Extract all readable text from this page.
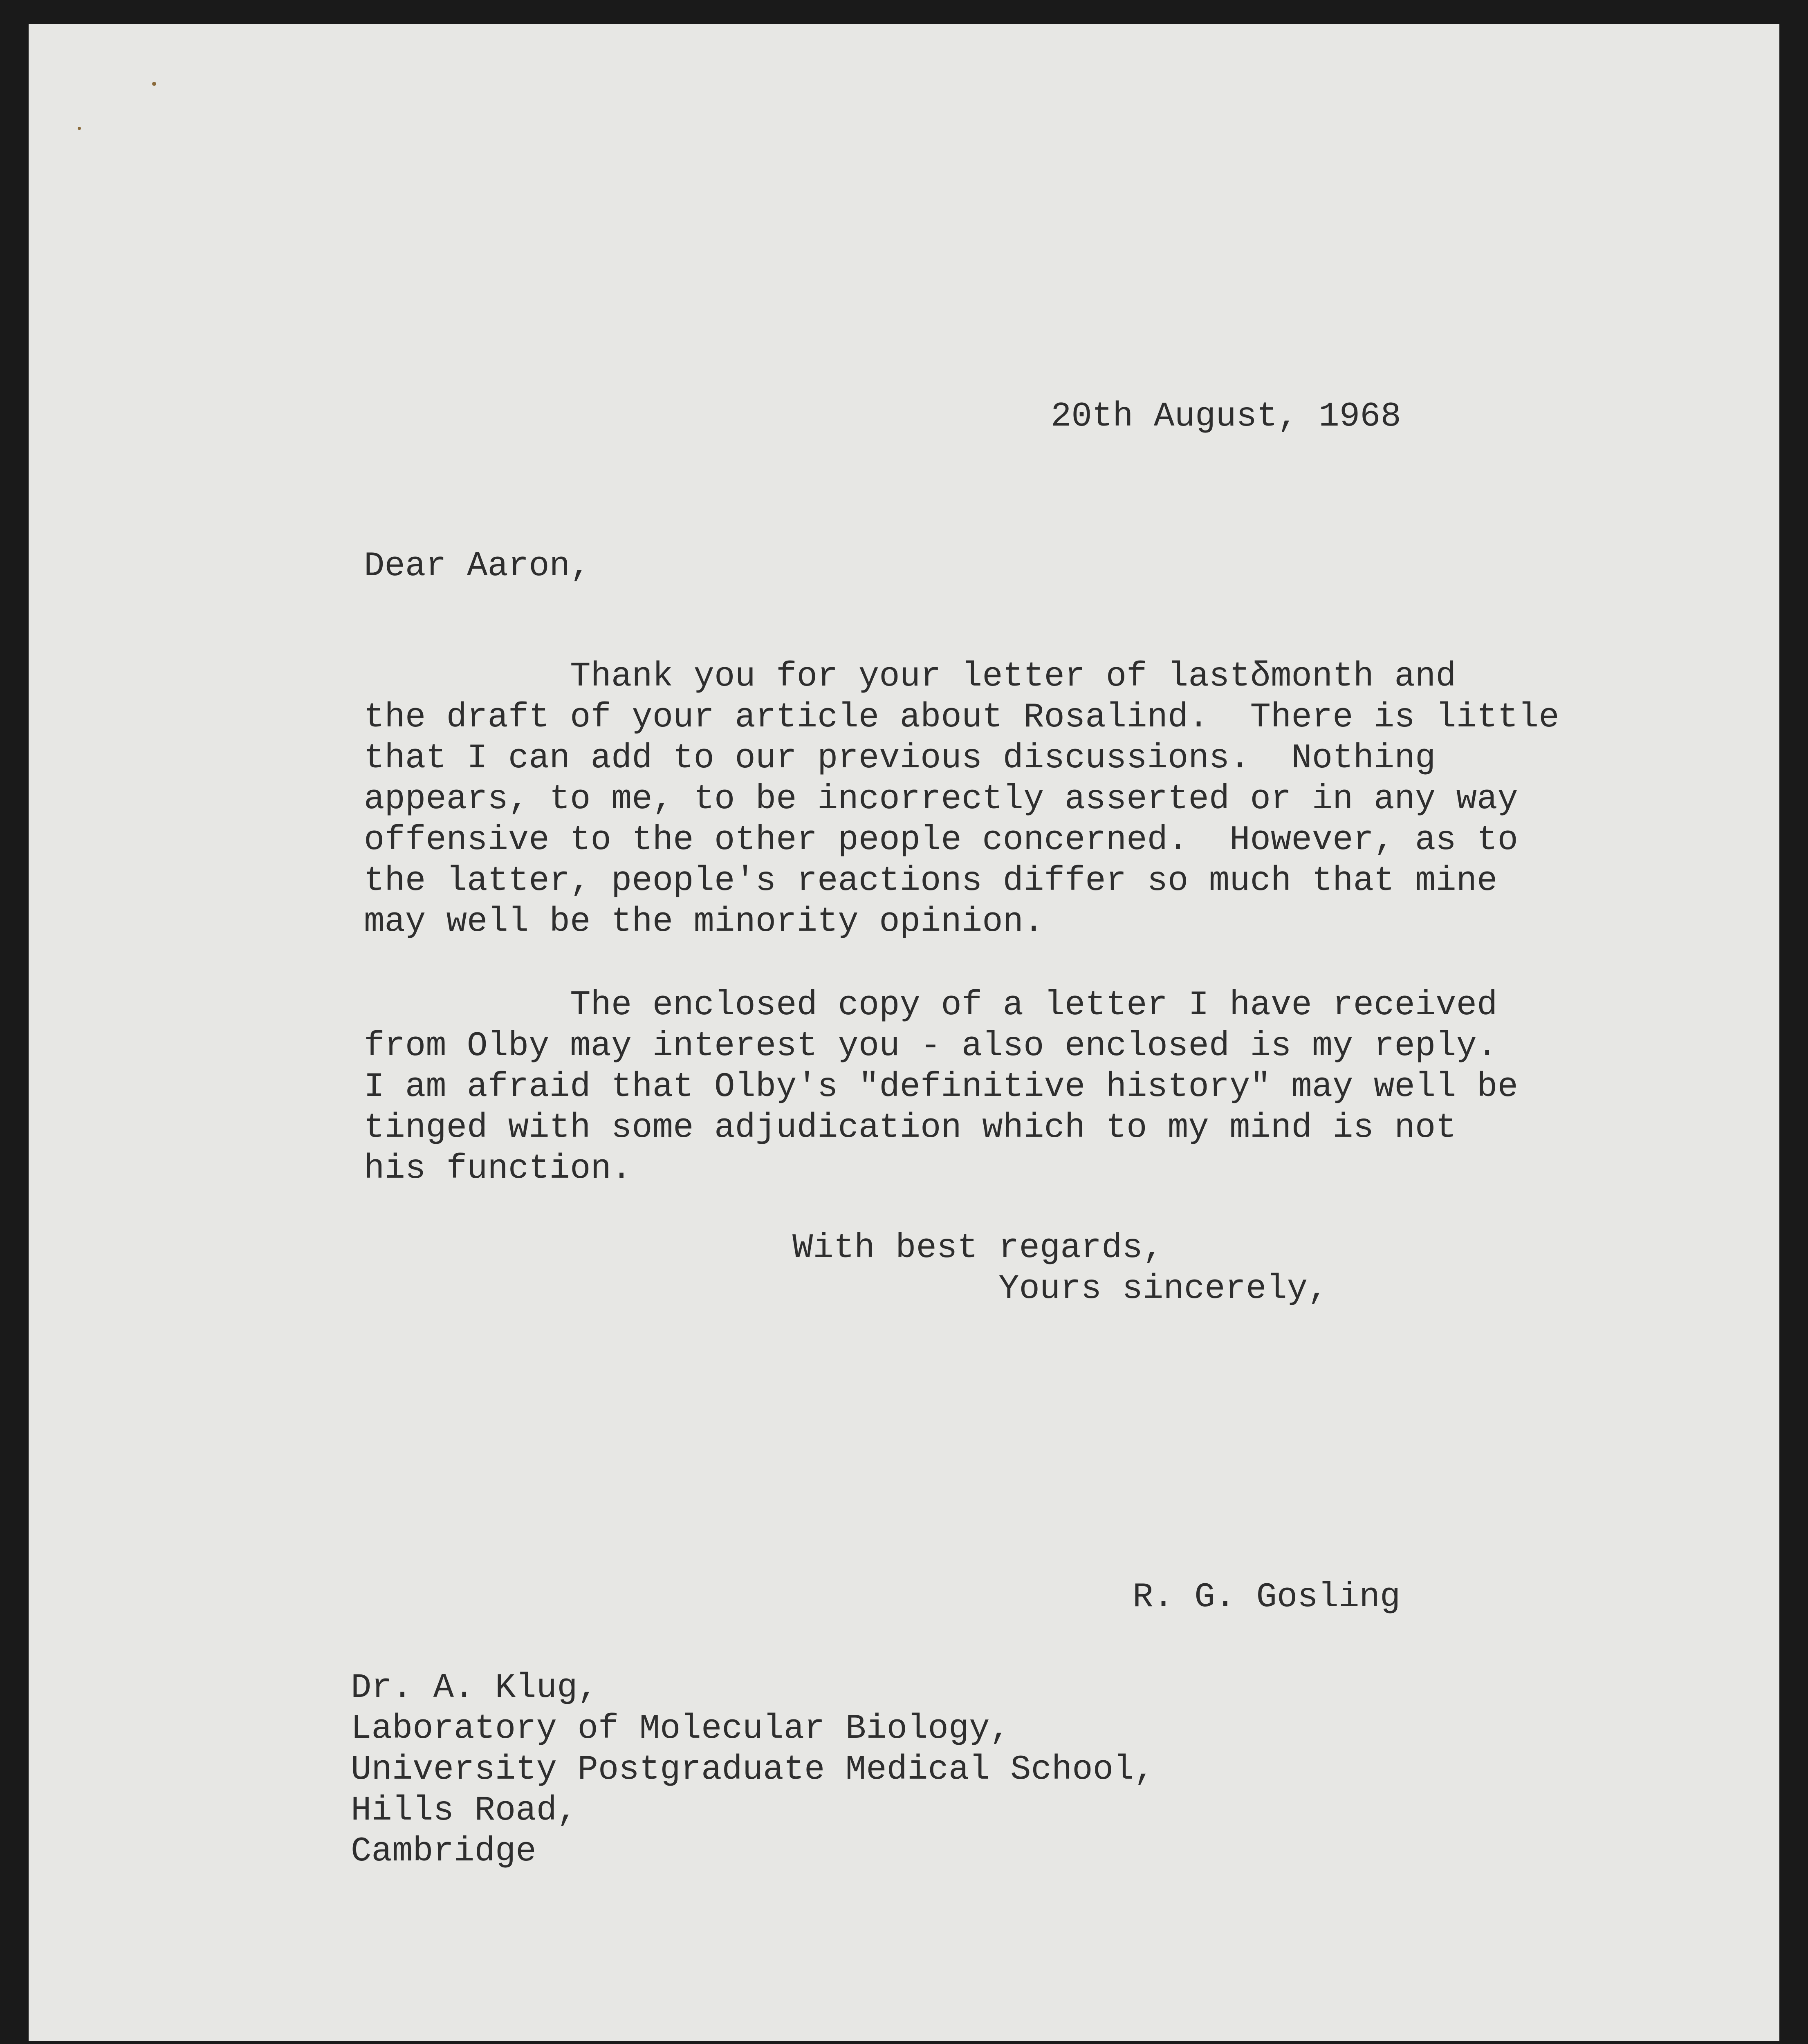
20th August, 1968

Dear Aaron,

Thank you for your letter of lastδmonth and

the draft of your article about Rosalind.  There is little

that I can add to our previous discussions.  Nothing

appears, to me, to be incorrectly asserted or in any way

offensive to the other people concerned.  However, as to

the latter, people's reactions differ so much that mine

may well be the minority opinion.

The enclosed copy of a letter I have received

from Olby may interest you - also enclosed is my reply.

I am afraid that Olby's "definitive history" may well be

tinged with some adjudication which to my mind is not

his function.

With best regards,

Yours sincerely,

R. G. Gosling

Dr. A. Klug,

Laboratory of Molecular Biology,

University Postgraduate Medical School,

Hills Road,

Cambridge
